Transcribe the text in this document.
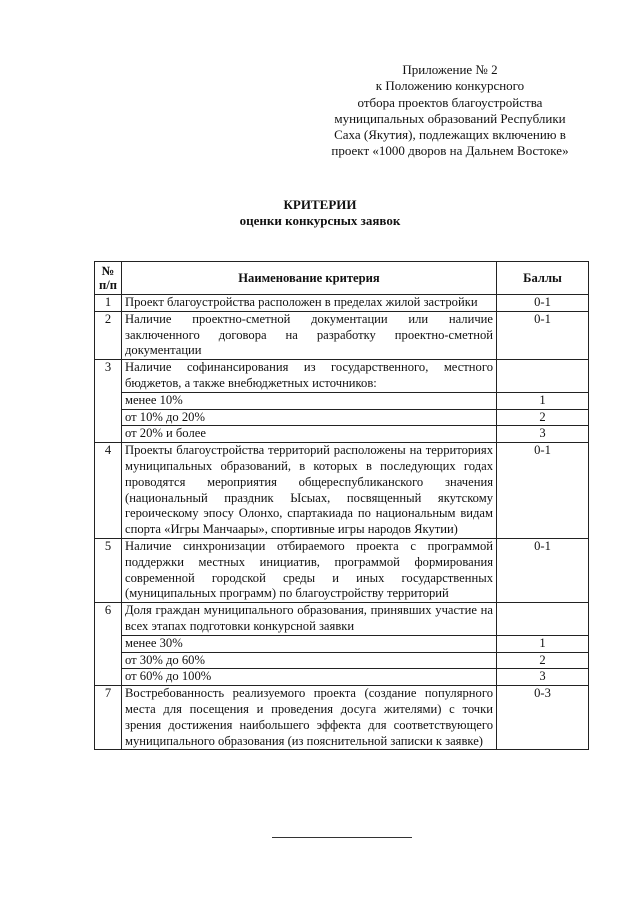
Приложение № 2
к Положению конкурсного
отбора проектов благоустройства
муниципальных образований Республики
Саха (Якутия), подлежащих включению в
проект «1000 дворов на Дальнем Востоке»
КРИТЕРИИ
оценки конкурсных заявок
№ п/п	Наименование критерия	Баллы
1	Проект благоустройства расположен в пределах жилой застройки	0-1
2	Наличие проектно-сметной документации или наличие заключенного договора на разработку проектно-сметной документации	0-1
3	Наличие софинансирования из государственного, местного бюджетов, а также внебюджетных источников:	
	менее 10%	1
	от 10% до 20%	2
	от 20% и более	3
4	Проекты благоустройства территорий расположены на территориях муниципальных образований, в которых в последующих годах проводятся мероприятия общереспубликанского значения (национальный праздник Ысыах, посвященный якутскому героическому эпосу Олонхо, спартакиада по национальным видам спорта «Игры Манчаары», спортивные игры народов Якутии)	0-1
5	Наличие синхронизации отбираемого проекта с программой поддержки местных инициатив, программой формирования современной городской среды и иных государственных (муниципальных программ) по благоустройству территорий	0-1
6	Доля граждан муниципального образования, принявших участие на всех этапах подготовки конкурсной заявки	
	менее 30%	1
	от 30% до 60%	2
	от 60% до 100%	3
7	Востребованность реализуемого проекта (создание популярного места для посещения и проведения досуга жителями) с точки зрения достижения наибольшего эффекта для соответствующего муниципального образования (из пояснительной записки к заявке)	0-3
